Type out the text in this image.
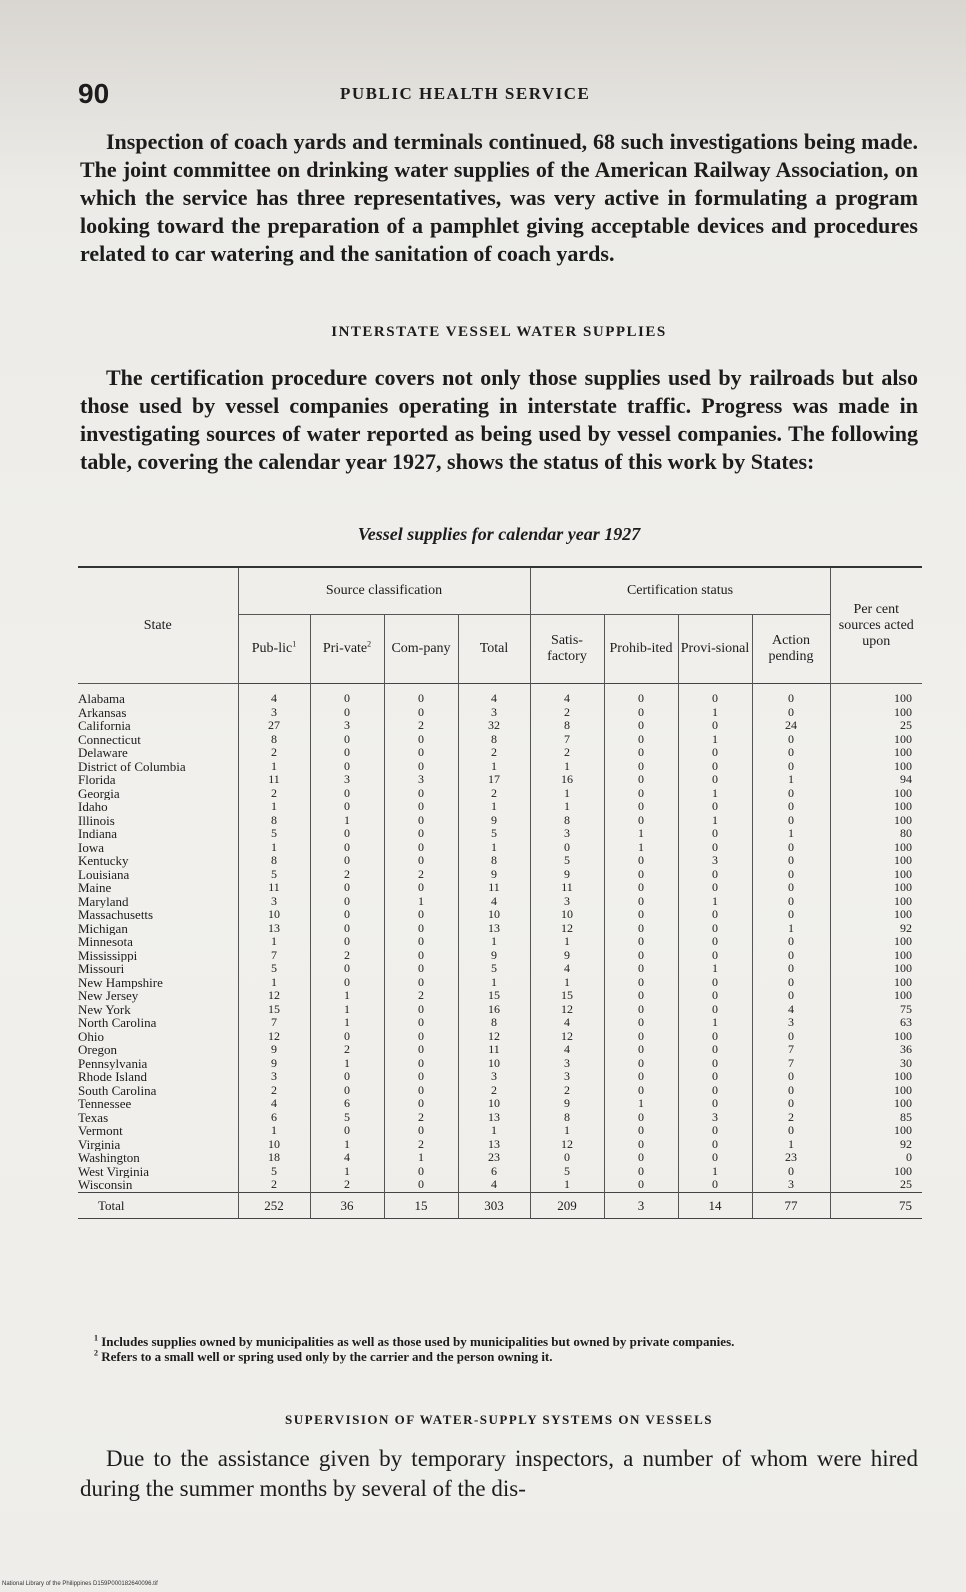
90	PUBLIC HEALTH SERVICE

Inspection of coach yards and terminals continued, 68 such investigations being made. The joint committee on drinking water supplies of the American Railway Association, on which the service has three representatives, was very active in formulating a program looking toward the preparation of a pamphlet giving acceptable devices and procedures related to car watering and the sanitation of coach yards.

INTERSTATE VESSEL WATER SUPPLIES

The certification procedure covers not only those supplies used by railroads but also those used by vessel companies operating in interstate traffic. Progress was made in investigating sources of water reported as being used by vessel companies. The following table, covering the calendar year 1927, shows the status of this work by States:

Vessel supplies for calendar year 1927
State	Source classification				Certification status				Per cent sources acted upon
	Pub-lic$^1$	Pri-vate$^2$	Com-pany	Total	Satis-factory	Prohib-ited	Provi-sional	Action pending	
Alabama	4	0	0	4	4	0	0	0	100
Arkansas	3	0	0	3	2	0	1	0	100
California	27	3	2	32	8	0	0	24	25
Connecticut	8	0	0	8	7	0	1	0	100
Delaware	2	0	0	2	2	0	0	0	100
District of Columbia	1	0	0	1	1	0	0	0	100
Florida	11	3	3	17	16	0	0	1	94
Georgia	2	0	0	2	1	0	1	0	100
Idaho	1	0	0	1	1	0	0	0	100
Illinois	8	1	0	9	8	0	1	0	100
Indiana	5	0	0	5	3	1	0	1	80
Iowa	1	0	0	1	0	1	0	0	100
Kentucky	8	0	0	8	5	0	3	0	100
Louisiana	5	2	2	9	9	0	0	0	100
Maine	11	0	0	11	11	0	0	0	100
Maryland	3	0	1	4	3	0	1	0	100
Massachusetts	10	0	0	10	10	0	0	0	100
Michigan	13	0	0	13	12	0	0	1	92
Minnesota	1	0	0	1	1	0	0	0	100
Mississippi	7	2	0	9	9	0	0	0	100
Missouri	5	0	0	5	4	0	1	0	100
New Hampshire	1	0	0	1	1	0	0	0	100
New Jersey	12	1	2	15	15	0	0	0	100
New York	15	1	0	16	12	0	0	4	75
North Carolina	7	1	0	8	4	0	1	3	63
Ohio	12	0	0	12	12	0	0	0	100
Oregon	9	2	0	11	4	0	0	7	36
Pennsylvania	9	1	0	10	3	0	0	7	30
Rhode Island	3	0	0	3	3	0	0	0	100
South Carolina	2	0	0	2	2	0	0	0	100
Tennessee	4	6	0	10	9	1	0	0	100
Texas	6	5	2	13	8	0	3	2	85
Vermont	1	0	0	1	1	0	0	0	100
Virginia	10	1	2	13	12	0	0	1	92
Washington	18	4	1	23	0	0	0	23	0
West Virginia	5	1	0	6	5	0	1	0	100
Wisconsin	2	2	0	4	1	0	0	3	25
Total	252	36	15	303	209	3	14	77	75

$^1$ Includes supplies owned by municipalities as well as those used by municipalities but owned by private companies.

$^2$ Refers to a small well or spring used only by the carrier and the person owning it.

SUPERVISION OF WATER-SUPPLY SYSTEMS ON VESSELS

Due to the assistance given by temporary inspectors, a number of whom were hired during the summer months by several of the dis-

National Library of the Philippines D159P000182640096.tif
